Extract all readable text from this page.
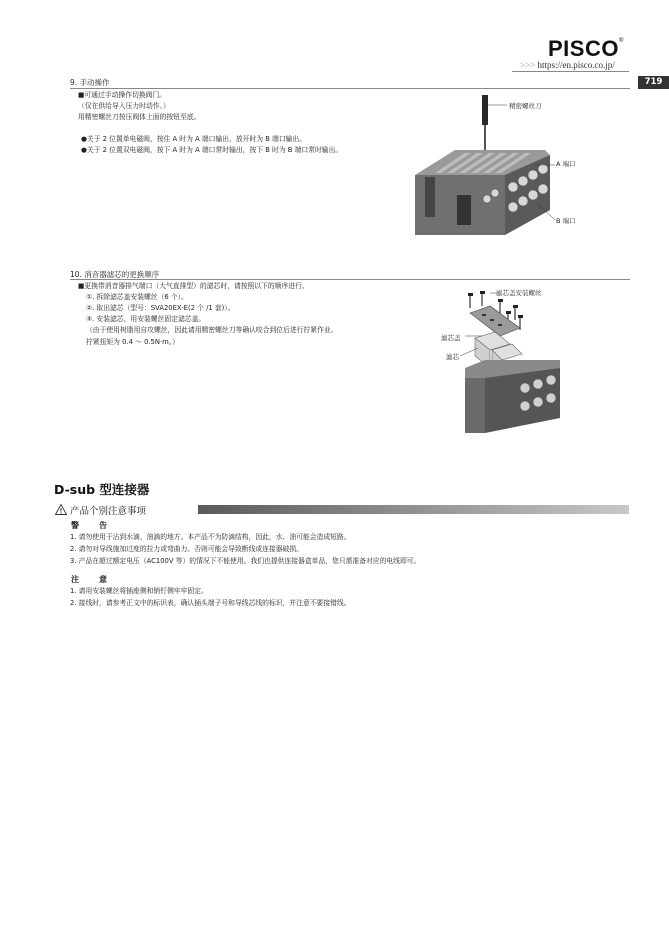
PISCO®
>>> https://en.pisco.co.jp/
719
9. 手动操作
■可通过手动操作切换阀门。
（仅在供给导入压力时动作。）
用精密螺丝刀按压阀体上面的按钮至底。
●关于 2 位置单电磁阀，按住 A 时为 A 端口输出，放开时为 B 端口输出。
●关于 2 位置双电磁阀，按下 A 时为 A 端口常时输出，按下 B 时为 B 端口常时输出。
精密螺丝刀
A 端口
B 端口
10. 消音器滤芯的更换顺序
■更换带消音器排气端口（大气直排型）的滤芯时，请按照以下的顺序进行。
①. 拆除滤芯盖安装螺丝（6 个）。
②. 取出滤芯（型号：SVA20EX-E(2 个 /1 套)）。
③. 安装滤芯，用安装螺丝固定滤芯盖。
（由于使用树脂用自攻螺丝，因此请用精密螺丝刀等确认咬合到位后进行拧紧作业。
拧紧扭矩为 0.4 ～ 0.5N·m。）
滤芯盖安装螺丝
滤芯盖
滤芯
D-sub 型连接器
产品个别注意事项
警　告
1. 请勿使用于沾到水滴、油滴的地方。本产品不为防滴结构，因此，水、油可能会造成短路。
2. 请勿对导线施加过度的拉力或弯曲力。否则可能会导致断线或连接器破损。
3. 产品在超过额定电压（AC100V 等）的情况下不能使用。我们也提供连接器盒单品，您只需准备对应的电线即可。
注　意
1. 请用安装螺丝将插座侧和销钉侧牢牢固定。
2. 接线时，请参考正文中的标识表，确认插头端子号和导线芯线的标识，并注意不要接错线。
